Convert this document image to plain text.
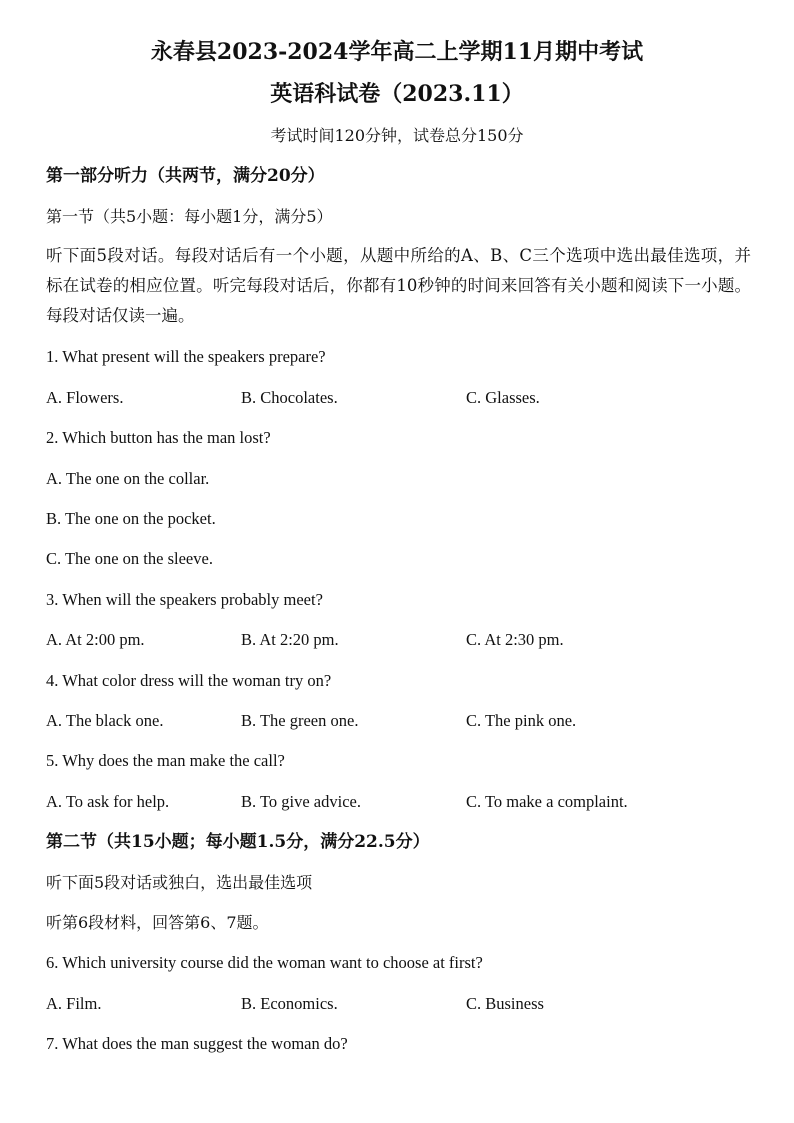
永春县2023-2024学年高二上学期11月期中考试
英语科试卷（2023.11）
考试时间120分钟，试卷总分150分
第一部分听力（共两节，满分20分）
第一节（共5小题：每小题1分，满分5）
听下面5段对话。每段对话后有一个小题，从题中所给的A、B、C三个选项中选出最佳选项，并标在试卷的相应位置。听完每段对话后，你都有10秒钟的时间来回答有关小题和阅读下一小题。每段对话仅读一遍。
1. What present will the speakers prepare?
A. Flowers.	B. Chocolates.	C. Glasses.
2. Which button has the man lost?
A. The one on the collar.
B. The one on the pocket.
C. The one on the sleeve.
3. When will the speakers probably meet?
A. At 2:00 pm.	B. At 2:20 pm.	C. At 2:30 pm.
4. What color dress will the woman try on?
A. The black one.	B. The green one.	C. The pink one.
5. Why does the man make the call?
A. To ask for help.	B. To give advice.	C. To make a complaint.
第二节（共15小题；每小题1.5分，满分22.5分）
听下面5段对话或独白，选出最佳选项
听第6段材料，回答第6、7题。
6. Which university course did the woman want to choose at first?
A. Film.	B. Economics.	C. Business
7. What does the man suggest the woman do?
